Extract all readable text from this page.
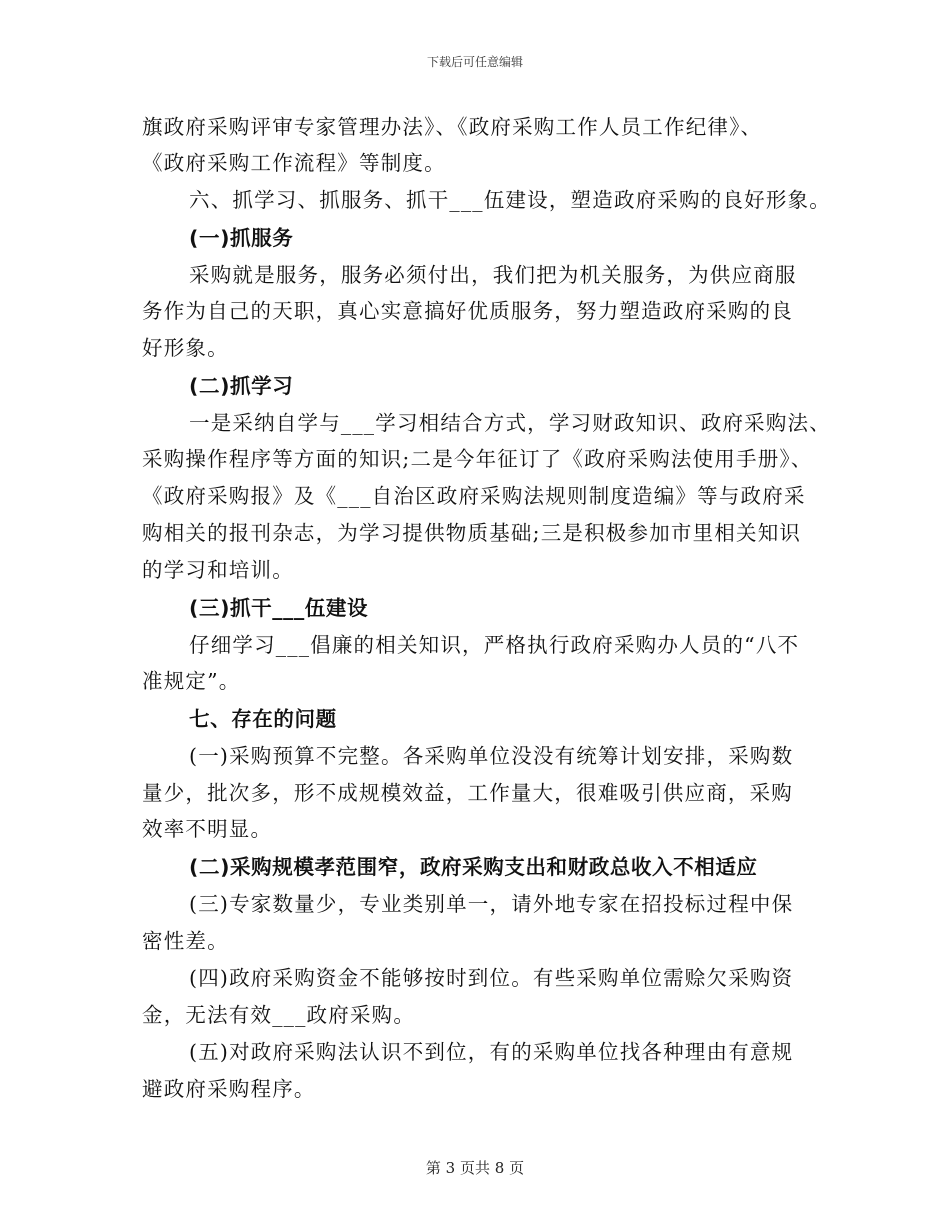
下载后可任意编辑
旗政府采购评审专家管理办法》、《政府采购工作人员工作纪律》、
《政府采购工作流程》等制度。
六、抓学习、抓服务、抓干___伍建设，塑造政府采购的良好形象。
(一)抓服务
采购就是服务，服务必须付出，我们把为机关服务，为供应商服
务作为自己的天职，真心实意搞好优质服务，努力塑造政府采购的良
好形象。
(二)抓学习
一是采纳自学与___学习相结合方式，学习财政知识、政府采购法、
采购操作程序等方面的知识;二是今年征订了《政府采购法使用手册》、
《政府采购报》及《___自治区政府采购法规则制度造编》等与政府采
购相关的报刊杂志，为学习提供物质基础;三是积极参加市里相关知识
的学习和培训。
(三)抓干___伍建设
仔细学习___倡廉的相关知识，严格执行政府采购办人员的“八不
准规定”。
七、存在的问题
(一)采购预算不完整。各采购单位没没有统筹计划安排，采购数
量少，批次多，形不成规模效益，工作量大，很难吸引供应商，采购
效率不明显。
(二)采购规模孝范围窄，政府采购支出和财政总收入不相适应
(三)专家数量少，专业类别单一，请外地专家在招投标过程中保
密性差。
(四)政府采购资金不能够按时到位。有些采购单位需赊欠采购资
金，无法有效___政府采购。
(五)对政府采购法认识不到位，有的采购单位找各种理由有意规
避政府采购程序。
第 3 页共 8 页
